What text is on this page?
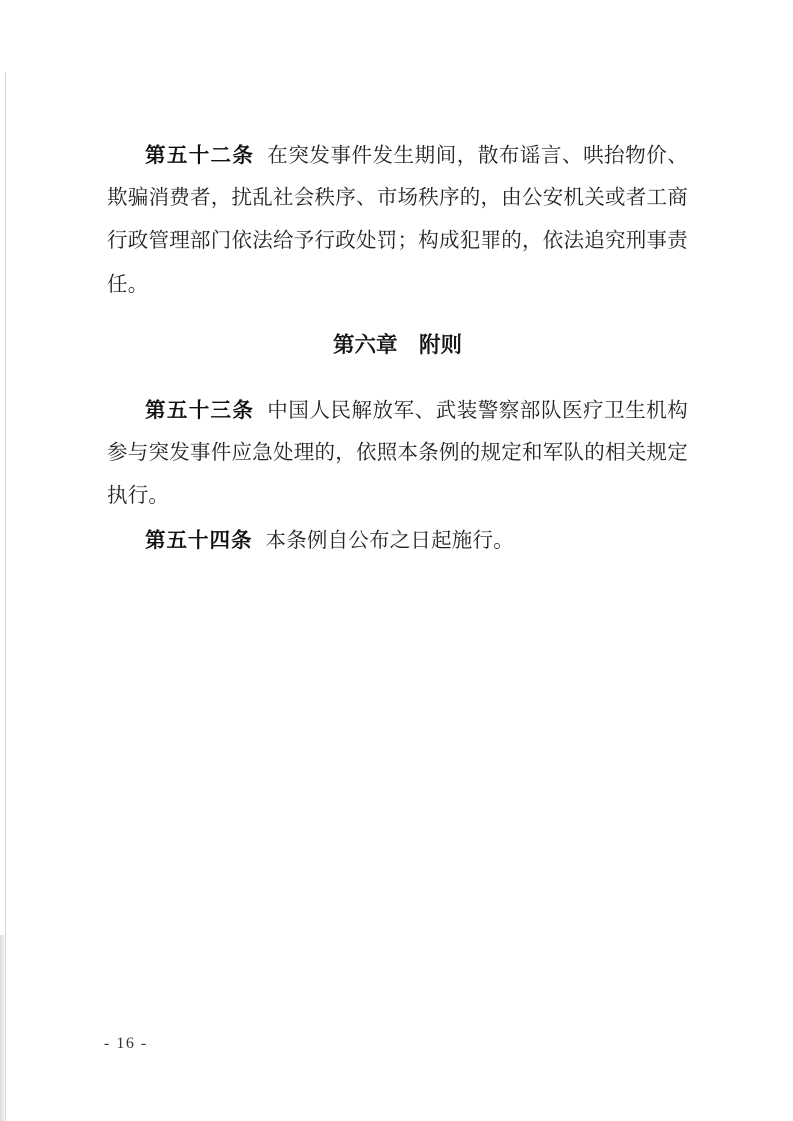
第五十二条 在突发事件发生期间，散布谣言、哄抬物价、
欺骗消费者，扰乱社会秩序、市场秩序的，由公安机关或者工商
行政管理部门依法给予行政处罚；构成犯罪的，依法追究刑事责
任。
第六章　附则
第五十三条 中国人民解放军、武装警察部队医疗卫生机构
参与突发事件应急处理的，依照本条例的规定和军队的相关规定
执行。
第五十四条 本条例自公布之日起施行。
- 16 -
